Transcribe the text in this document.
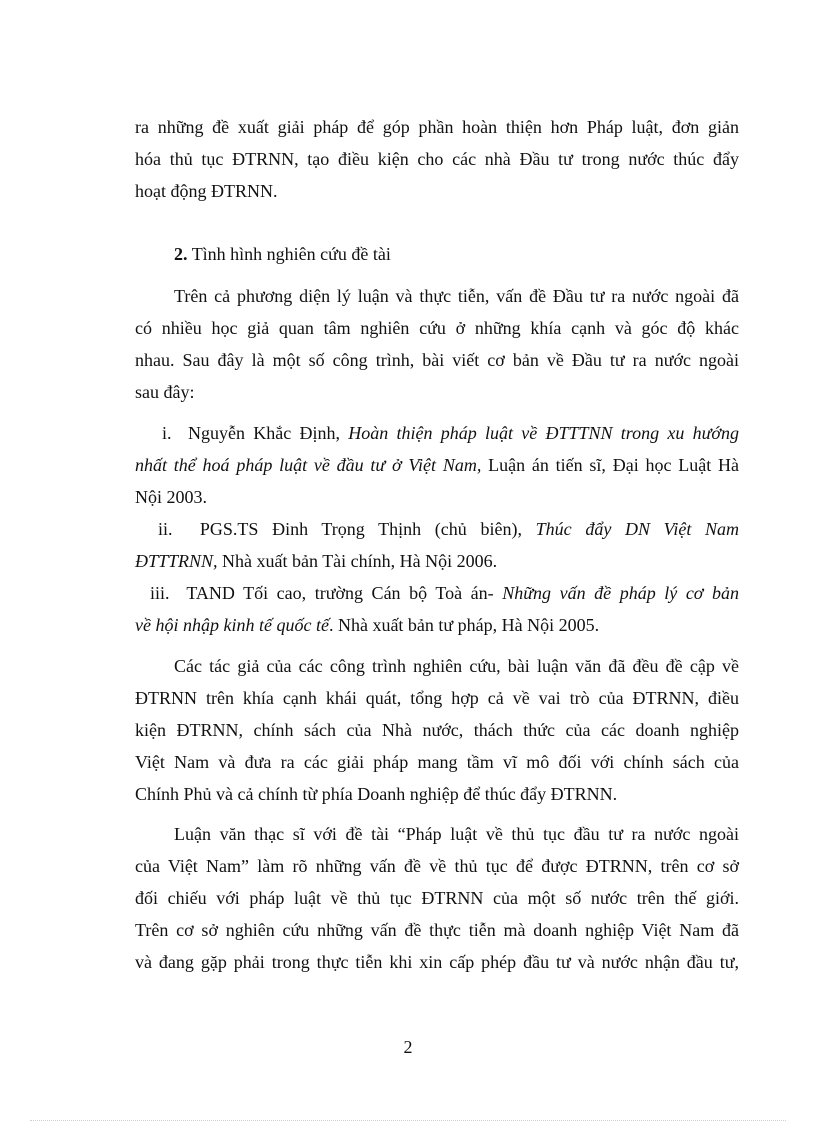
ra những đề xuất giải pháp để góp phần hoàn thiện hơn Pháp luật, đơn giản
hóa thủ tục ĐTRNN, tạo điều kiện cho các nhà Đầu tư trong nước thúc đẩy
hoạt động ĐTRNN.
2. Tình hình nghiên cứu đề tài
Trên cả phương diện lý luận và thực tiễn, vấn đề Đầu tư ra nước ngoài đã
có nhiều học giả quan tâm nghiên cứu ở những khía cạnh và góc độ khác
nhau. Sau đây là một số công trình, bài viết cơ bản về Đầu tư ra nước ngoài
sau đây:
i. Nguyễn Khắc Định, Hoàn thiện pháp luật về ĐTTTNN trong xu hướng
nhất thể hoá pháp luật về đầu tư ở Việt Nam, Luận án tiến sĩ, Đại học Luật Hà
Nội 2003.
ii. PGS.TS Đinh Trọng Thịnh (chủ biên), Thúc đẩy DN Việt Nam
ĐTTTRNN, Nhà xuất bản Tài chính, Hà Nội 2006.
iii. TAND Tối cao, trường Cán bộ Toà án- Những vấn đề pháp lý cơ bản
về hội nhập kinh tế quốc tế. Nhà xuất bản tư pháp, Hà Nội 2005.
Các tác giả của các công trình nghiên cứu, bài luận văn đã đều đề cập về
ĐTRNN trên khía cạnh khái quát, tổng hợp cả về vai trò của ĐTRNN, điều
kiện ĐTRNN, chính sách của Nhà nước, thách thức của các doanh nghiệp
Việt Nam và đưa ra các giải pháp mang tầm vĩ mô đối với chính sách của
Chính Phủ và cả chính từ phía Doanh nghiệp để thúc đẩy ĐTRNN.
Luận văn thạc sĩ với đề tài “Pháp luật về thủ tục đầu tư ra nước ngoài
của Việt Nam” làm rõ những vấn đề về thủ tục để được ĐTRNN, trên cơ sở
đối chiếu với pháp luật về thủ tục ĐTRNN của một số nước trên thế giới.
Trên cơ sở nghiên cứu những vấn đề thực tiễn mà doanh nghiệp Việt Nam đã
và đang gặp phải trong thực tiễn khi xin cấp phép đầu tư và nước nhận đầu tư,
2
